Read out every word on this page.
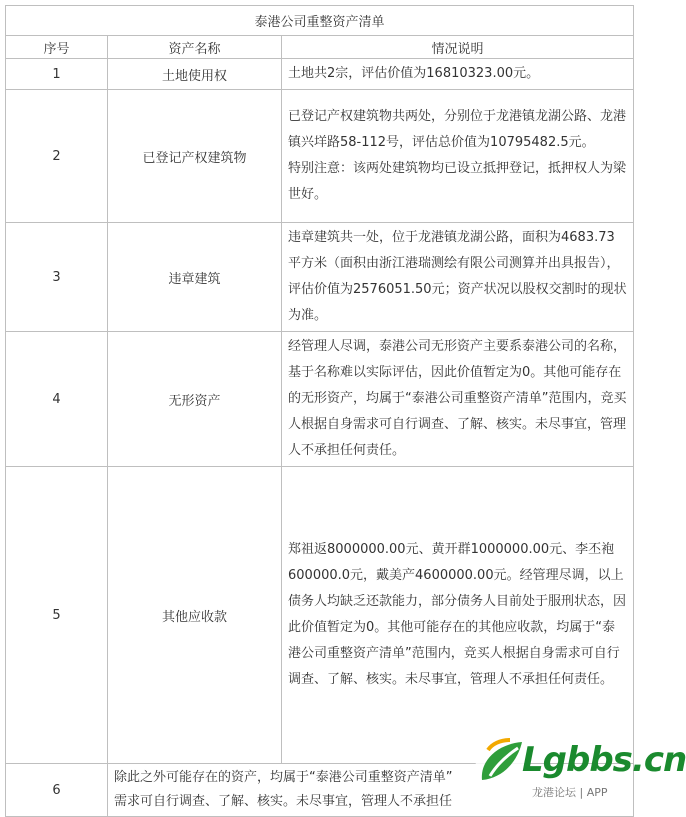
泰港公司重整资产清单		
序号	资产名称	情况说明
1	土地使用权	土地共2宗，评估价值为16810323.00元。

2	已登记产权建筑物	已登记产权建筑物共两处，分别位于龙港镇龙湖公路、龙港镇兴垟路58-112号，评估总价值为10795482.5元。

特别注意：该两处建筑物均已设立抵押登记，抵押权人为梁世好。

3	违章建筑	违章建筑共一处，位于龙港镇龙湖公路，面积为4683.73平方米（面积由浙江港瑞测绘有限公司测算并出具报告），评估价值为2576051.50元；资产状况以股权交割时的现状为准。

4	无形资产	经管理人尽调，泰港公司无形资产主要系泰港公司的名称，基于名称难以实际评估，因此价值暂定为0。其他可能存在的无形资产，均属于“泰港公司重整资产清单”范围内，竞买人根据自身需求可自行调查、了解、核实。未尽事宜，管理人不承担任何责任。

5	其他应收款	郑祖返8000000.00元、黄开群1000000.00元、李丕袍600000.0元，戴美产4600000.00元。经管理尽调，以上债务人均缺乏还款能力，部分债务人目前处于服刑状态，因此价值暂定为0。其他可能存在的其他应收款，均属于“泰港公司重整资产清单”范围内，竞买人根据自身需求可自行调查、了解、核实。未尽事宜，管理人不承担任何责任。

6	除此之外可能存在的资产，均属于“泰港公司重整资产清单”

需求可自行调查、了解、核实。未尽事宜，管理人不承担任	

Lgbbs.cn
龙港论坛 | APP
